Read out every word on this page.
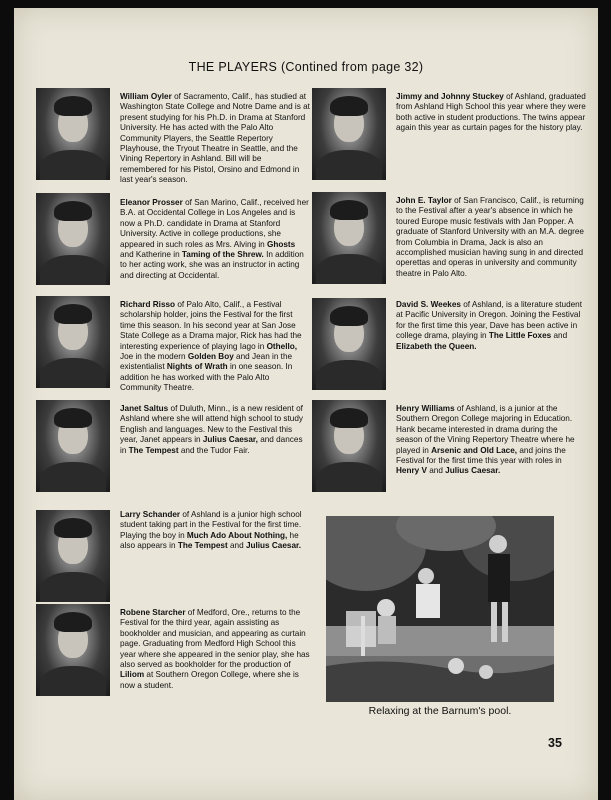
THE PLAYERS (Contined from page 32)
William Oyler of Sacramento, Calif., has studied at Washington State College and Notre Dame and is at present studying for his Ph.D. in Drama at Stanford University. He has acted with the Palo Alto Community Players, the Seattle Repertory Playhouse, the Tryout Theatre in Seattle, and the Vining Repertory in Ashland. Bill will be remembered for his Pistol, Orsino and Edmond in last year's season.
Eleanor Prosser of San Marino, Calif., received her B.A. at Occidental College in Los Angeles and is now a Ph.D. candidate in Drama at Stanford University. Active in college productions, she appeared in such roles as Mrs. Alving in Ghosts and Katherine in Taming of the Shrew. In addition to her acting work, she was an instructor in acting and directing at Occidental.
Richard Risso of Palo Alto, Calif., a Festival scholarship holder, joins the Festival for the first time this season. In his second year at San Jose State College as a Drama major, Rick has had the interesting experience of playing Iago in Othello, Joe in the modern Golden Boy and Jean in the existentialist Nights of Wrath in one season. In addition he has worked with the Palo Alto Community Theatre.
Janet Saltus of Duluth, Minn., is a new resident of Ashland where she will attend high school to study English and languages. New to the Festival this year, Janet appears in Julius Caesar, and dances in The Tempest and the Tudor Fair.
Larry Schander of Ashland is a junior high school student taking part in the Festival for the first time. Playing the boy in Much Ado About Nothing, he also appears in The Tempest and Julius Caesar.
Robene Starcher of Medford, Ore., returns to the Festival for the third year, again assisting as bookholder and musician, and appearing as curtain page. Graduating from Medford High School this year where she appeared in the senior play, she has also served as bookholder for the production of Liliom at Southern Oregon College, where she is now a student.
Jimmy and Johnny Stuckey of Ashland, graduated from Ashland High School this year where they were both active in student productions. The twins appear again this year as curtain pages for the history play.
John E. Taylor of San Francisco, Calif., is returning to the Festival after a year's absence in which he toured Europe music festivals with Jan Popper. A graduate of Stanford University with an M.A. degree from Columbia in Drama, Jack is also an accomplished musician having sung in and directed operettas and operas in university and community theatre in Palo Alto.
David S. Weekes of Ashland, is a literature student at Pacific University in Oregon. Joining the Festival for the first time this year, Dave has been active in college drama, playing in The Little Foxes and Elizabeth the Queen.
Henry Williams of Ashland, is a junior at the Southern Oregon College majoring in Education. Hank became interested in drama during the season of the Vining Repertory Theatre where he played in Arsenic and Old Lace, and joins the Festival for the first time this year with roles in Henry V and Julius Caesar.
Relaxing at the Barnum's pool.
35
